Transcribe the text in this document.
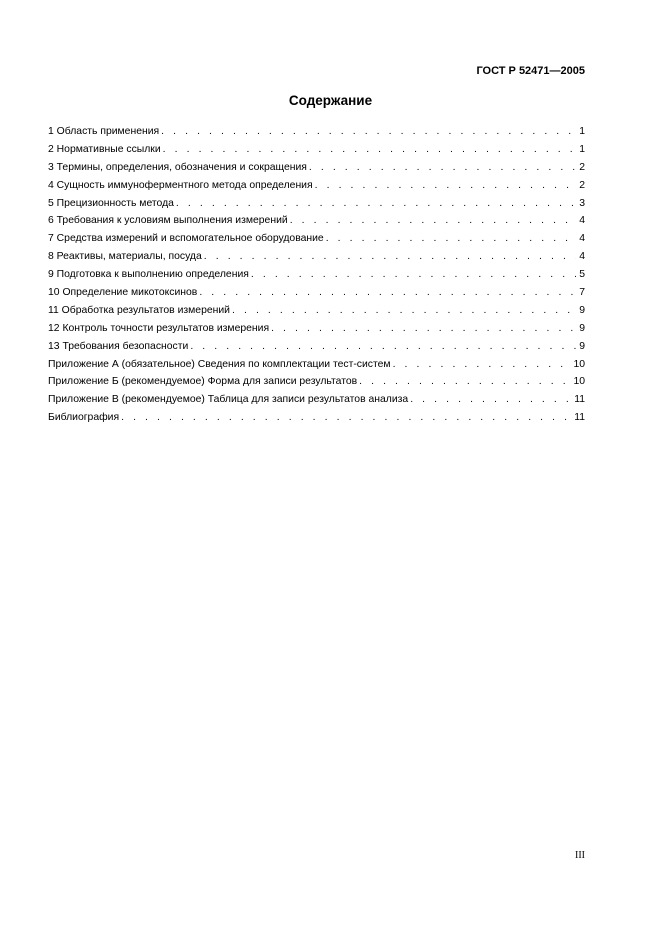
ГОСТ Р 52471—2005
Содержание
1 Область применения . . .	1
2 Нормативные ссылки . . .	1
3 Термины, определения, обозначения и сокращения . . .	2
4 Сущность иммуноферментного метода определения . . .	2
5 Прецизионность метода . . .	3
6 Требования к условиям выполнения измерений . . .	4
7 Средства измерений и вспомогательное оборудование . . .	4
8 Реактивы, материалы, посуда . . .	4
9 Подготовка к выполнению определения . . .	5
10 Определение микотоксинов . . .	7
11 Обработка результатов измерений . . .	9
12 Контроль точности результатов измерения . . .	9
13 Требования безопасности . . .	9
Приложение А (обязательное) Сведения по комплектации тест-систем . . .	10
Приложение Б (рекомендуемое) Форма для записи результатов . . .	10
Приложение В (рекомендуемое) Таблица для записи результатов анализа . . .	11
Библиография . . .	11
III
